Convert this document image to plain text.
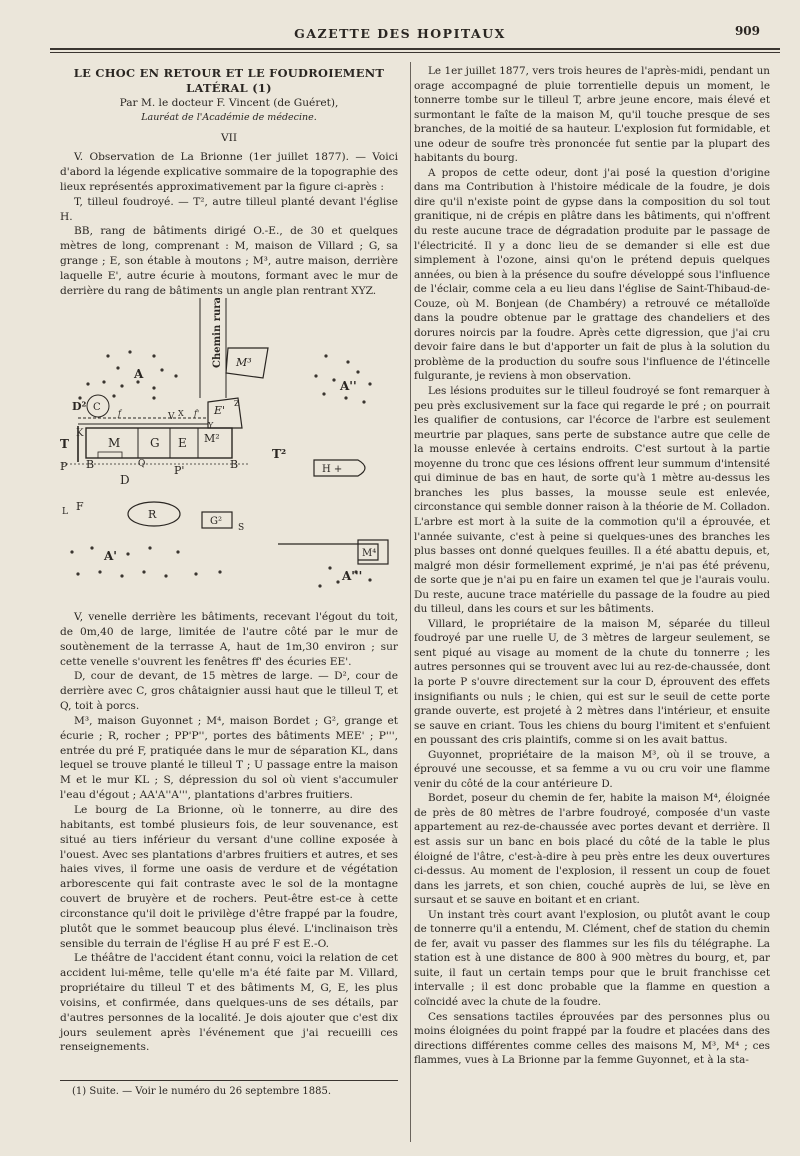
GAZETTE DES HOPITAUX	909

LE CHOC EN RETOUR ET LE FOUDROIEMENT LATÉRAL (1)

Par M. le docteur F. Vincent (de Guéret),

Lauréat de l'Académie de médecine.

VII

V. Observation de La Brionne (1er juillet 1877). — Voici d'abord la légende explicative sommaire de la topographie des lieux représentés approximativement par la figure ci-après :

T, tilleul foudroyé. — T², autre tilleul planté devant l'église H.

BB, rang de bâtiments dirigé O.-E., de 30 et quelques mètres de long, comprenant : M, maison de Villard ; G, sa grange ; E, son étable à moutons ; M³, autre maison, derrière laquelle E', autre écurie à moutons, formant avec le mur de derrière du rang de bâtiments un angle plan rentrant XYZ.

Chemin rural M³
A
A''
C
D²
V X
Y
Z
E'
f'
f
K
T	M G E M²
Q
B	B
P	P'
D
T²
H +
R
G²
F
L
S
M⁴
A'
A'''

V, venelle derrière les bâtiments, recevant l'égout du toit, de 0m,40 de large, limitée de l'autre côté par le mur de soutènement de la terrasse A, haut de 1m,30 environ ; sur cette venelle s'ouvrent les fenêtres ff' des écuries EE'.

D, cour de devant, de 15 mètres de large. — D², cour de derrière avec C, gros châtaignier aussi haut que le tilleul T, et Q, toit à porcs.

M³, maison Guyonnet ; M⁴, maison Bordet ; G², grange et écurie ; R, rocher ; PP'P'', portes des bâtiments MEE' ; P''', entrée du pré F, pratiquée dans le mur de séparation KL, dans lequel se trouve planté le tilleul T ; U passage entre la maison M et le mur KL ; S, dépression du sol où vient s'accumuler l'eau d'égout ; AA'A''A''', plantations d'arbres fruitiers.

Le bourg de La Brionne, où le tonnerre, au dire des habitants, est tombé plusieurs fois, de leur souvenance, est situé au tiers inférieur du versant d'une colline exposée à l'ouest. Avec ses plantations d'arbres fruitiers et autres, et ses haies vives, il forme une oasis de verdure et de végétation arborescente qui fait contraste avec le sol de la montagne couvert de bruyère et de rochers. Peut-être est-ce à cette circonstance qu'il doit le privilège d'être frappé par la foudre, plutôt que le sommet beaucoup plus élevé. L'inclinaison très sensible du terrain de l'église H au pré F est E.-O.

Le théâtre de l'accident étant connu, voici la relation de cet accident lui-même, telle qu'elle m'a été faite par M. Villard, propriétaire du tilleul T et des bâtiments M, G, E, les plus voisins, et confirmée, dans quelques-uns de ses détails, par d'autres personnes de la localité. Je dois ajouter que c'est dix jours seulement après l'événement que j'ai recueilli ces renseignements.

(1) Suite. — Voir le numéro du 26 septembre 1885.

Le 1er juillet 1877, vers trois heures de l'après-midi, pendant un orage accompagné de pluie torrentielle depuis un moment, le tonnerre tombe sur le tilleul T, arbre jeune encore, mais élevé et surmontant le faîte de la maison M, qu'il touche presque de ses branches, de la moitié de sa hauteur. L'explosion fut formidable, et une odeur de soufre très prononcée fut sentie par la plupart des habitants du bourg.

A propos de cette odeur, dont j'ai posé la question d'origine dans ma Contribution à l'histoire médicale de la foudre, je dois dire qu'il n'existe point de gypse dans la composition du sol tout granitique, ni de crépis en plâtre dans les bâtiments, qui n'offrent du reste aucune trace de dégradation produite par le passage de l'électricité. Il y a donc lieu de se demander si elle est due simplement à l'ozone, ainsi qu'on le prétend depuis quelques années, ou bien à la présence du soufre développé sous l'influence de l'éclair, comme cela a eu lieu dans l'église de Saint-Thibaud-de-Couze, où M. Bonjean (de Chambéry) a retrouvé ce métalloïde dans la poudre obtenue par le grattage des chandeliers et des dorures noircis par la foudre. Après cette digression, que j'ai cru devoir faire dans le but d'apporter un fait de plus à la solution du problème de la production du soufre sous l'influence de l'étincelle fulgurante, je reviens à mon observation.

Les lésions produites sur le tilleul foudroyé se font remarquer à peu près exclusivement sur la face qui regarde le pré ; on pourrait les qualifier de contusions, car l'écorce de l'arbre est seulement meurtrie par plaques, sans perte de substance autre que celle de la mousse enlevée à certains endroits. C'est surtout à la partie moyenne du tronc que ces lésions offrent leur summum d'intensité qui diminue de bas en haut, de sorte qu'à 1 mètre au-dessus les branches les plus basses, la mousse seule est enlevée, circonstance qui semble donner raison à la théorie de M. Colladon. L'arbre est mort à la suite de la commotion qu'il a éprouvée, et l'année suivante, c'est à peine si quelques-unes des branches les plus basses ont donné quelques feuilles. Il a été abattu depuis, et, malgré mon désir formellement exprimé, je n'ai pas été prévenu, de sorte que je n'ai pu en faire un examen tel que je l'aurais voulu. Du reste, aucune trace matérielle du passage de la foudre au pied du tilleul, dans les cours et sur les bâtiments.

Villard, le propriétaire de la maison M, séparée du tilleul foudroyé par une ruelle U, de 3 mètres de largeur seulement, se sent piqué au visage au moment de la chute du tonnerre ; les autres personnes qui se trouvent avec lui au rez-de-chaussée, dont la porte P s'ouvre directement sur la cour D, éprouvent des effets insignifiants ou nuls ; le chien, qui est sur le seuil de cette porte grande ouverte, est projeté à 2 mètres dans l'intérieur, et ensuite se sauve en criant. Tous les chiens du bourg l'imitent et s'enfuient en poussant des cris plaintifs, comme si on les avait battus.

Guyonnet, propriétaire de la maison M³, où il se trouve, a éprouvé une secousse, et sa femme a vu ou cru voir une flamme venir du côté de la cour antérieure D.

Bordet, poseur du chemin de fer, habite la maison M⁴, éloignée de près de 80 mètres de l'arbre foudroyé, composée d'un vaste appartement au rez-de-chaussée avec portes devant et derrière. Il est assis sur un banc en bois placé du côté de la table le plus éloigné de l'âtre, c'est-à-dire à peu près entre les deux ouvertures ci-dessus. Au moment de l'explosion, il ressent un coup de fouet dans les jarrets, et son chien, couché auprès de lui, se lève en sursaut et se sauve en boitant et en criant.

Un instant très court avant l'explosion, ou plutôt avant le coup de tonnerre qu'il a entendu, M. Clément, chef de station du chemin de fer, avait vu passer des flammes sur les fils du télégraphe. La station est à une distance de 800 à 900 mètres du bourg, et, par suite, il faut un certain temps pour que le bruit franchisse cet intervalle ; il est donc probable que la flamme en question a coïncidé avec la chute de la foudre.

Ces sensations tactiles éprouvées par des personnes plus ou moins éloignées du point frappé par la foudre et placées dans des directions différentes comme celles des maisons M, M³, M⁴ ; ces flammes, vues à La Brionne par la femme Guyonnet, et à la sta-
